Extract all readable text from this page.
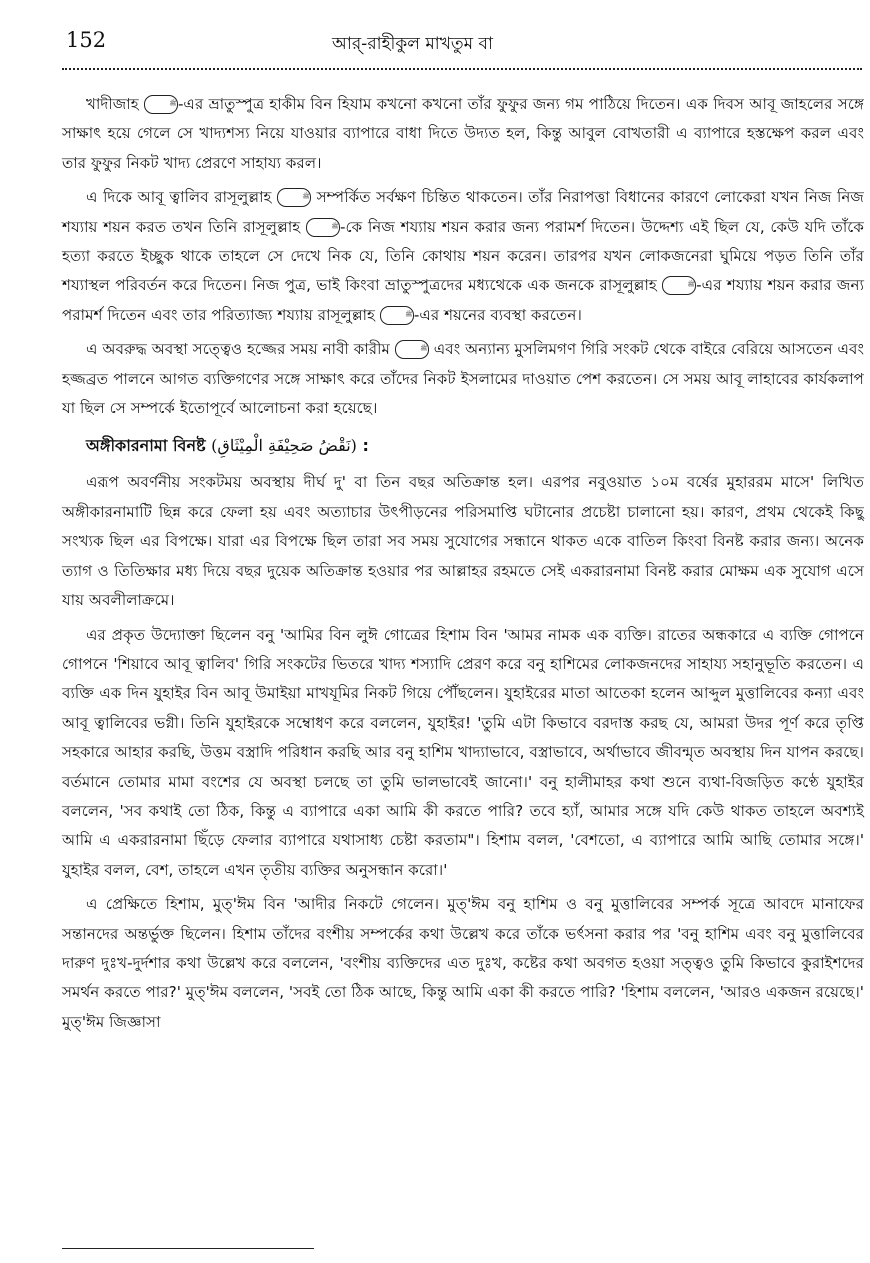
152	আর্-রাহীকুল মাখতুম বা

খাদীজাহ	ﷺ-এর ভ্রাতুস্পুত্র হাকীম বিন হিযাম কখনো কখনো তাঁর ফুফুর জন্য গম পাঠিয়ে দিতেন। এক দিবস আবূ জাহলের সঙ্গে সাক্ষাৎ হয়ে গেলে সে খাদ্যশস্য নিয়ে যাওয়ার ব্যাপারে বাধা দিতে উদ্যত হল, কিন্তু আবুল বোখতারী এ ব্যাপারে হস্তক্ষেপ করল এবং তার ফুফুর নিকট খাদ্য প্রেরণে সাহায্য করল।

এ দিকে আবূ ত্বালিব রাসূলুল্লাহ	ﷺ সম্পর্কিত সর্বক্ষণ চিন্তিত থাকতেন। তাঁর নিরাপত্তা বিধানের কারণে লোকেরা যখন নিজ নিজ শয্যায় শয়ন করত তখন তিনি রাসূলুল্লাহ	ﷺ-কে নিজ শয্যায় শয়ন করার জন্য পরামর্শ দিতেন। উদ্দেশ্য এই ছিল যে, কেউ যদি তাঁকে হত্যা করতে ইচ্ছুক থাকে তাহলে সে দেখে নিক যে, তিনি কোথায় শয়ন করেন। তারপর যখন লোকজনেরা ঘুমিয়ে পড়ত তিনি তাঁর শয্যাস্থল পরিবর্তন করে দিতেন। নিজ পুত্র, ভাই কিংবা ভ্রাতুস্পুত্রদের মধ্যথেকে এক জনকে রাসূলুল্লাহ	ﷺ-এর শয্যায় শয়ন করার জন্য পরামর্শ দিতেন এবং তার পরিত্যাজ্য শয্যায় রাসূলুল্লাহ	ﷺ-এর শয়নের ব্যবস্থা করতেন।

এ অবরুদ্ধ অবস্থা সত্ত্বেও হজ্জের সময় নাবী কারীম	ﷺ এবং অন্যান্য মুসলিমগণ গিরি সংকট থেকে বাইরে বেরিয়ে আসতেন এবং হজ্জব্রত পালনে আগত ব্যক্তিগণের সঙ্গে সাক্ষাৎ করে তাঁদের নিকট ইসলামের দাওয়াত পেশ করতেন। সে সময় আবূ লাহাবের কার্যকলাপ যা ছিল সে সম্পর্কে ইতোপূর্বে আলোচনা করা হয়েছে।

অঙ্গীকারনামা বিনষ্ট (نَقْضُ صَحِيْفَةِ الْمِيْثَاقِ) :

এরূপ অবর্ণনীয় সংকটময় অবস্থায় দীর্ঘ দু' বা তিন বছর অতিক্রান্ত হল। এরপর নবুওয়াত ১০ম বর্ষের মুহাররম মাসে' লিখিত অঙ্গীকারনামাটি ছিন্ন করে ফেলা হয় এবং অত্যাচার উৎপীড়নের পরিসমাপ্তি ঘটানোর প্রচেষ্টা চালানো হয়। কারণ, প্রথম থেকেই কিছু সংখ্যক ছিল এর বিপক্ষে। যারা এর বিপক্ষে ছিল তারা সব সময় সুযোগের সন্ধানে থাকত একে বাতিল কিংবা বিনষ্ট করার জন্য। অনেক ত্যাগ ও তিতিক্ষার মধ্য দিয়ে বছর দুয়েক অতিক্রান্ত হওয়ার পর আল্লাহর রহমতে সেই একরারনামা বিনষ্ট করার মোক্ষম এক সুযোগ এসে যায় অবলীলাক্রমে।

এর প্রকৃত উদ্যোক্তা ছিলেন বনু 'আমির বিন লুঈ গোত্রের হিশাম বিন 'আমর নামক এক ব্যক্তি। রাতের অন্ধকারে এ ব্যক্তি গোপনে গোপনে 'শিয়াবে আবূ ত্বালিব' গিরি সংকটের ভিতরে খাদ্য শস্যাদি প্রেরণ করে বনু হাশিমের লোকজনদের সাহায্য সহানুভূতি করতেন। এ ব্যক্তি এক দিন যুহাইর বিন আবূ উমাইয়া মাখযূমির নিকট গিয়ে পৌঁছলেন। যুহাইরের মাতা আতেকা হলেন আব্দুল মুত্তালিবের কন্যা এবং আবূ ত্বালিবের ভগ্নী। তিনি যুহাইরকে সম্বোধণ করে বললেন, যুহাইর! 'তুমি এটা কিভাবে বরদাস্ত করছ যে, আমরা উদর পূর্ণ করে তৃপ্তি সহকারে আহার করছি, উত্তম বস্ত্রাদি পরিধান করছি আর বনু হাশিম খাদ্যাভাবে, বস্ত্রাভাবে, অর্থাভাবে জীবন্মৃত অবস্থায় দিন যাপন করছে। বর্তমানে তোমার মামা বংশের যে অবস্থা চলছে তা তুমি ভালভাবেই জানো।' বনু হালীমাহর কথা শুনে ব্যথা-বিজড়িত কণ্ঠে যুহাইর বললেন, 'সব কথাই তো ঠিক, কিন্তু এ ব্যাপারে একা আমি কী করতে পারি? তবে হ্যাঁ, আমার সঙ্গে যদি কেউ থাকত তাহলে অবশ্যই আমি এ একরারনামা ছিঁড়ে ফেলার ব্যাপারে যথাসাধ্য চেষ্টা করতাম"। হিশাম বলল, 'বেশতো, এ ব্যাপারে আমি আছি তোমার সঙ্গে।' যুহাইর বলল, বেশ, তাহলে এখন তৃতীয় ব্যক্তির অনুসন্ধান করো।'

এ প্রেক্ষিতে হিশাম, মুত্'ঈম বিন 'আদীর নিকটে গেলেন। মুত্'ঈম বনু হাশিম ও বনু মুত্তালিবের সম্পর্ক সূত্রে আবদে মানাফের সন্তানদের অন্তর্ভুক্ত ছিলেন। হিশাম তাঁদের বংশীয় সম্পর্কের কথা উল্লেখ করে তাঁকে ভর্ৎসনা করার পর 'বনু হাশিম এবং বনু মুত্তালিবের দারুণ দুঃখ-দুর্দশার কথা উল্লেখ করে বললেন, 'বংশীয় ব্যক্তিদের এত দুঃখ, কষ্টের কথা অবগত হওয়া সত্ত্বও তুমি কিভাবে কুরাইশদের সমর্থন করতে পার?' মুত্'ঈম বললেন, 'সবই তো ঠিক আছে, কিন্তু আমি একা কী করতে পারি? 'হিশাম বললেন, 'আরও একজন রয়েছে।' মুত্'ঈম জিজ্ঞাসা
